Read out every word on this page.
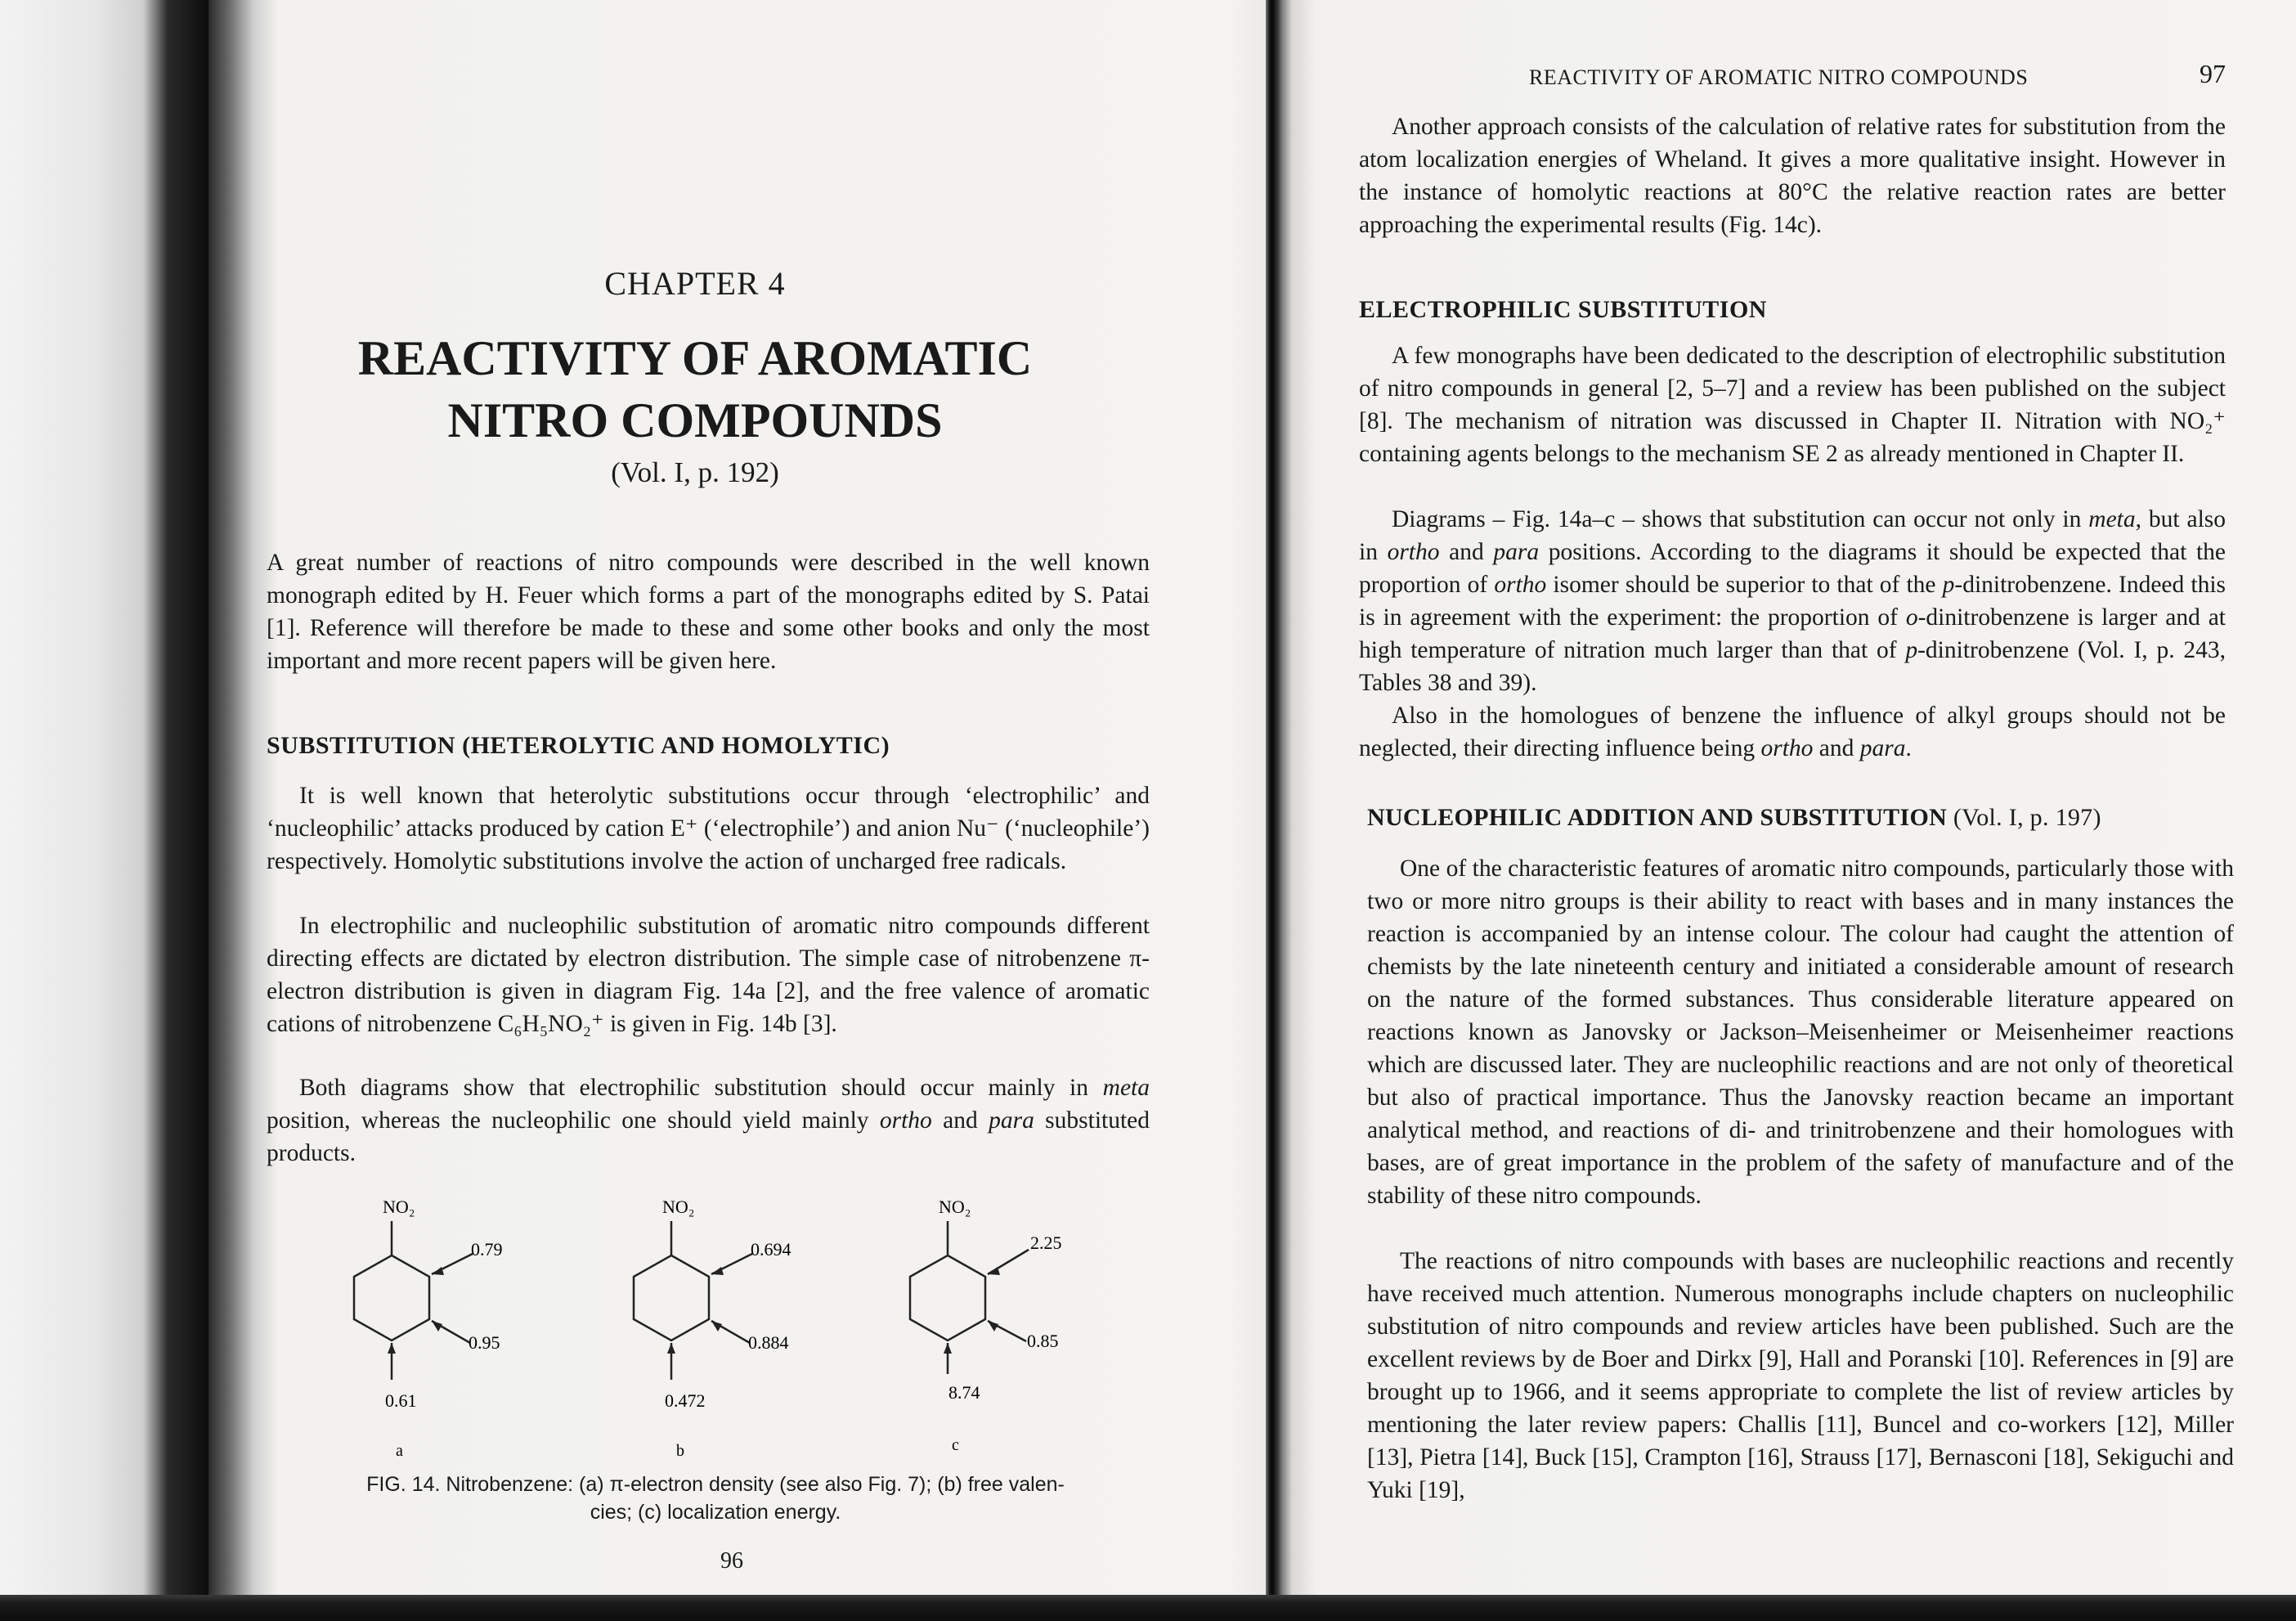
CHAPTER 4
REACTIVITY OF AROMATIC
NITRO COMPOUNDS
(Vol. I, p. 192)
A great number of reactions of nitro compounds were described in the well known monograph edited by H. Feuer which forms a part of the monographs edited by S. Patai [1]. Reference will therefore be made to these and some other books and only the most important and more recent papers will be given here.
SUBSTITUTION (HETEROLYTIC AND HOMOLYTIC)
It is well known that heterolytic substitutions occur through ‘electrophilic’ and ‘nucleophilic’ attacks produced by cation E⁺ (‘electrophile’) and anion Nu⁻ (‘nucleophile’) respectively. Homolytic substitutions involve the action of uncharged free radicals.
In electrophilic and nucleophilic substitution of aromatic nitro compounds different directing effects are dictated by electron distribution. The simple case of nitrobenzene π-electron distribution is given in diagram Fig. 14a [2], and the free valence of aromatic cations of nitrobenzene C₆H₅NO₂⁺ is given in Fig. 14b [3].
Both diagrams show that electrophilic substitution should occur mainly in meta position, whereas the nucleophilic one should yield mainly ortho and para substituted products.
NO₂
0.79
0.95
0.61
a
NO₂
0.694
0.884
0.472
b
NO₂
2.25
0.85
8.74
c
FIG. 14. Nitrobenzene: (a) π-electron density (see also Fig. 7); (b) free valen-
cies; (c) localization energy.
96
REACTIVITY OF AROMATIC NITRO COMPOUNDS	97
Another approach consists of the calculation of relative rates for substitution from the atom localization energies of Wheland. It gives a more qualitative insight. However in the instance of homolytic reactions at 80°C the relative reaction rates are better approaching the experimental results (Fig. 14c).
ELECTROPHILIC SUBSTITUTION
A few monographs have been dedicated to the description of electrophilic substitution of nitro compounds in general [2, 5–7] and a review has been published on the subject [8]. The mechanism of nitration was discussed in Chapter II. Nitration with NO₂⁺ containing agents belongs to the mechanism SE 2 as already mentioned in Chapter II.
Diagrams – Fig. 14a–c – shows that substitution can occur not only in meta, but also in ortho and para positions. According to the diagrams it should be expected that the proportion of ortho isomer should be superior to that of the p-dinitrobenzene. Indeed this is in agreement with the experiment: the proportion of o-dinitrobenzene is larger and at high temperature of nitration much larger than that of p-dinitrobenzene (Vol. I, p. 243, Tables 38 and 39).
Also in the homologues of benzene the influence of alkyl groups should not be neglected, their directing influence being ortho and para.
NUCLEOPHILIC ADDITION AND SUBSTITUTION (Vol. I, p. 197)
One of the characteristic features of aromatic nitro compounds, particularly those with two or more nitro groups is their ability to react with bases and in many instances the reaction is accompanied by an intense colour. The colour had caught the attention of chemists by the late nineteenth century and initiated a considerable amount of research on the nature of the formed substances. Thus considerable literature appeared on reactions known as Janovsky or Jackson–Meisenheimer or Meisenheimer reactions which are discussed later. They are nucleophilic reactions and are not only of theoretical but also of practical importance. Thus the Janovsky reaction became an important analytical method, and reactions of di- and trinitrobenzene and their homologues with bases, are of great importance in the problem of the safety of manufacture and of the stability of these nitro compounds.
The reactions of nitro compounds with bases are nucleophilic reactions and recently have received much attention. Numerous monographs include chapters on nucleophilic substitution of nitro compounds and review articles have been published. Such are the excellent reviews by de Boer and Dirkx [9], Hall and Poranski [10]. References in [9] are brought up to 1966, and it seems appropriate to complete the list of review articles by mentioning the later review papers: Challis [11], Buncel and co-workers [12], Miller [13], Pietra [14], Buck [15], Crampton [16], Strauss [17], Bernasconi [18], Sekiguchi and Yuki [19],
